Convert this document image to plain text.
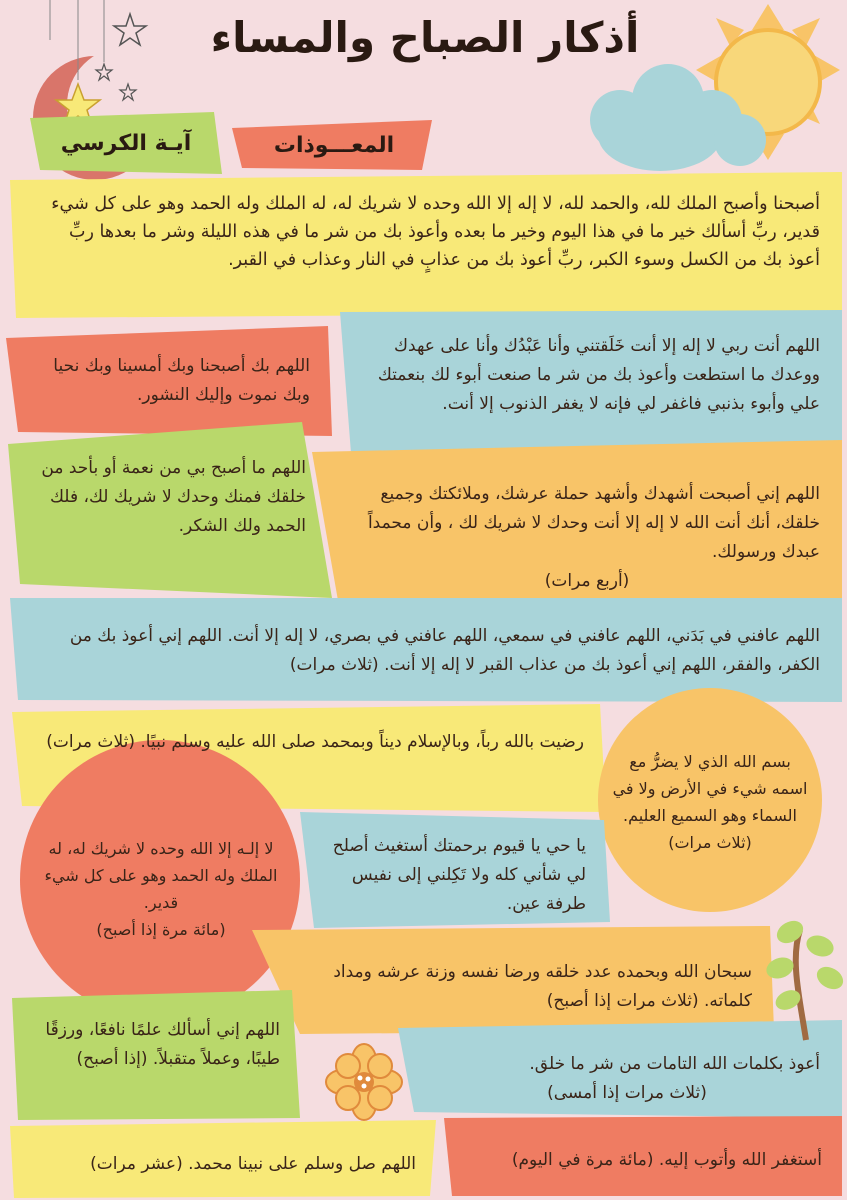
أذكار الصباح والمساء
آيـة الكرسي	المعـــوذات

أصبحنا وأصبح الملك لله، والحمد لله، لا إله إلا الله وحده لا شريك له، له الملك وله الحمد وهو على كل شيء قدير، ربِّ أسألك خير ما في هذا اليوم وخير ما بعده وأعوذ بك من شر ما في هذه الليلة وشر ما بعدها ربِّ أعوذ بك من الكسل وسوء الكبر، ربِّ أعوذ بك من عذابٍ في النار وعذاب في القبر.

اللهم أنت ربي لا إله إلا أنت خَلَقتني وأنا عَبْدُك وأنا على عهدك ووعدك ما استطعت وأعوذ بك من شر ما صنعت أبوء لك بنعمتك علي وأبوء بذنبي فاغفر لي فإنه لا يغفر الذنوب إلا أنت.

اللهم بك أصبحنا وبك أمسينا وبك نحيا وبك نموت وإليك النشور.

اللهم ما أصبح بي من نعمة أو بأحد من خلقك فمنك وحدك لا شريك لك، فلك الحمد ولك الشكر.

اللهم إني أصبحت أشهدك وأشهد حملة عرشك، وملائكتك وجميع خلقك، أنك أنت الله لا إله إلا أنت وحدك لا شريك لك ، وأن محمداً عبدك ورسولك.

(أربع مرات)

اللهم عافني في بَدَني، اللهم عافني في سمعي، اللهم عافني في بصري، لا إله إلا أنت. اللهم إني أعوذ بك من الكفر، والفقر، اللهم إني أعوذ بك من عذاب القبر لا إله إلا أنت. (ثلاث مرات)

رضيت بالله رباً، وبالإسلام ديناً وبمحمد صلى الله عليه وسلم نبيًا. (ثلاث مرات)

بسم الله الذي لا يضرُّ مع اسمه شيء في الأرض ولا في السماء وهو السميع العليم.
(ثلاث مرات)
لا إلـه إلا الله وحده لا شريك له، له الملك وله الحمد وهو على كل شيء قدير.
(مائة مرة إذا أصبح)

يا حي يا قيوم برحمتك أستغيث أصلح لي شأني كله ولا تَكِلني إلى نفيس طرفة عين.

سبحان الله وبحمده عدد خلقه ورضا نفسه وزنة عرشه ومداد كلماته. (ثلاث مرات إذا أصبح)

اللهم إني أسألك علمًا نافعًا، ورزقًا طيبًا، وعملاً متقبلاً. (إذا أصبح)	أعوذ بكلمات الله التامات من شر ما خلق.

(ثلاث مرات إذا أمسى)

اللهم صل وسلم على نبينا محمد. (عشر مرات)	أستغفر الله وأتوب إليه. (مائة مرة في اليوم)
